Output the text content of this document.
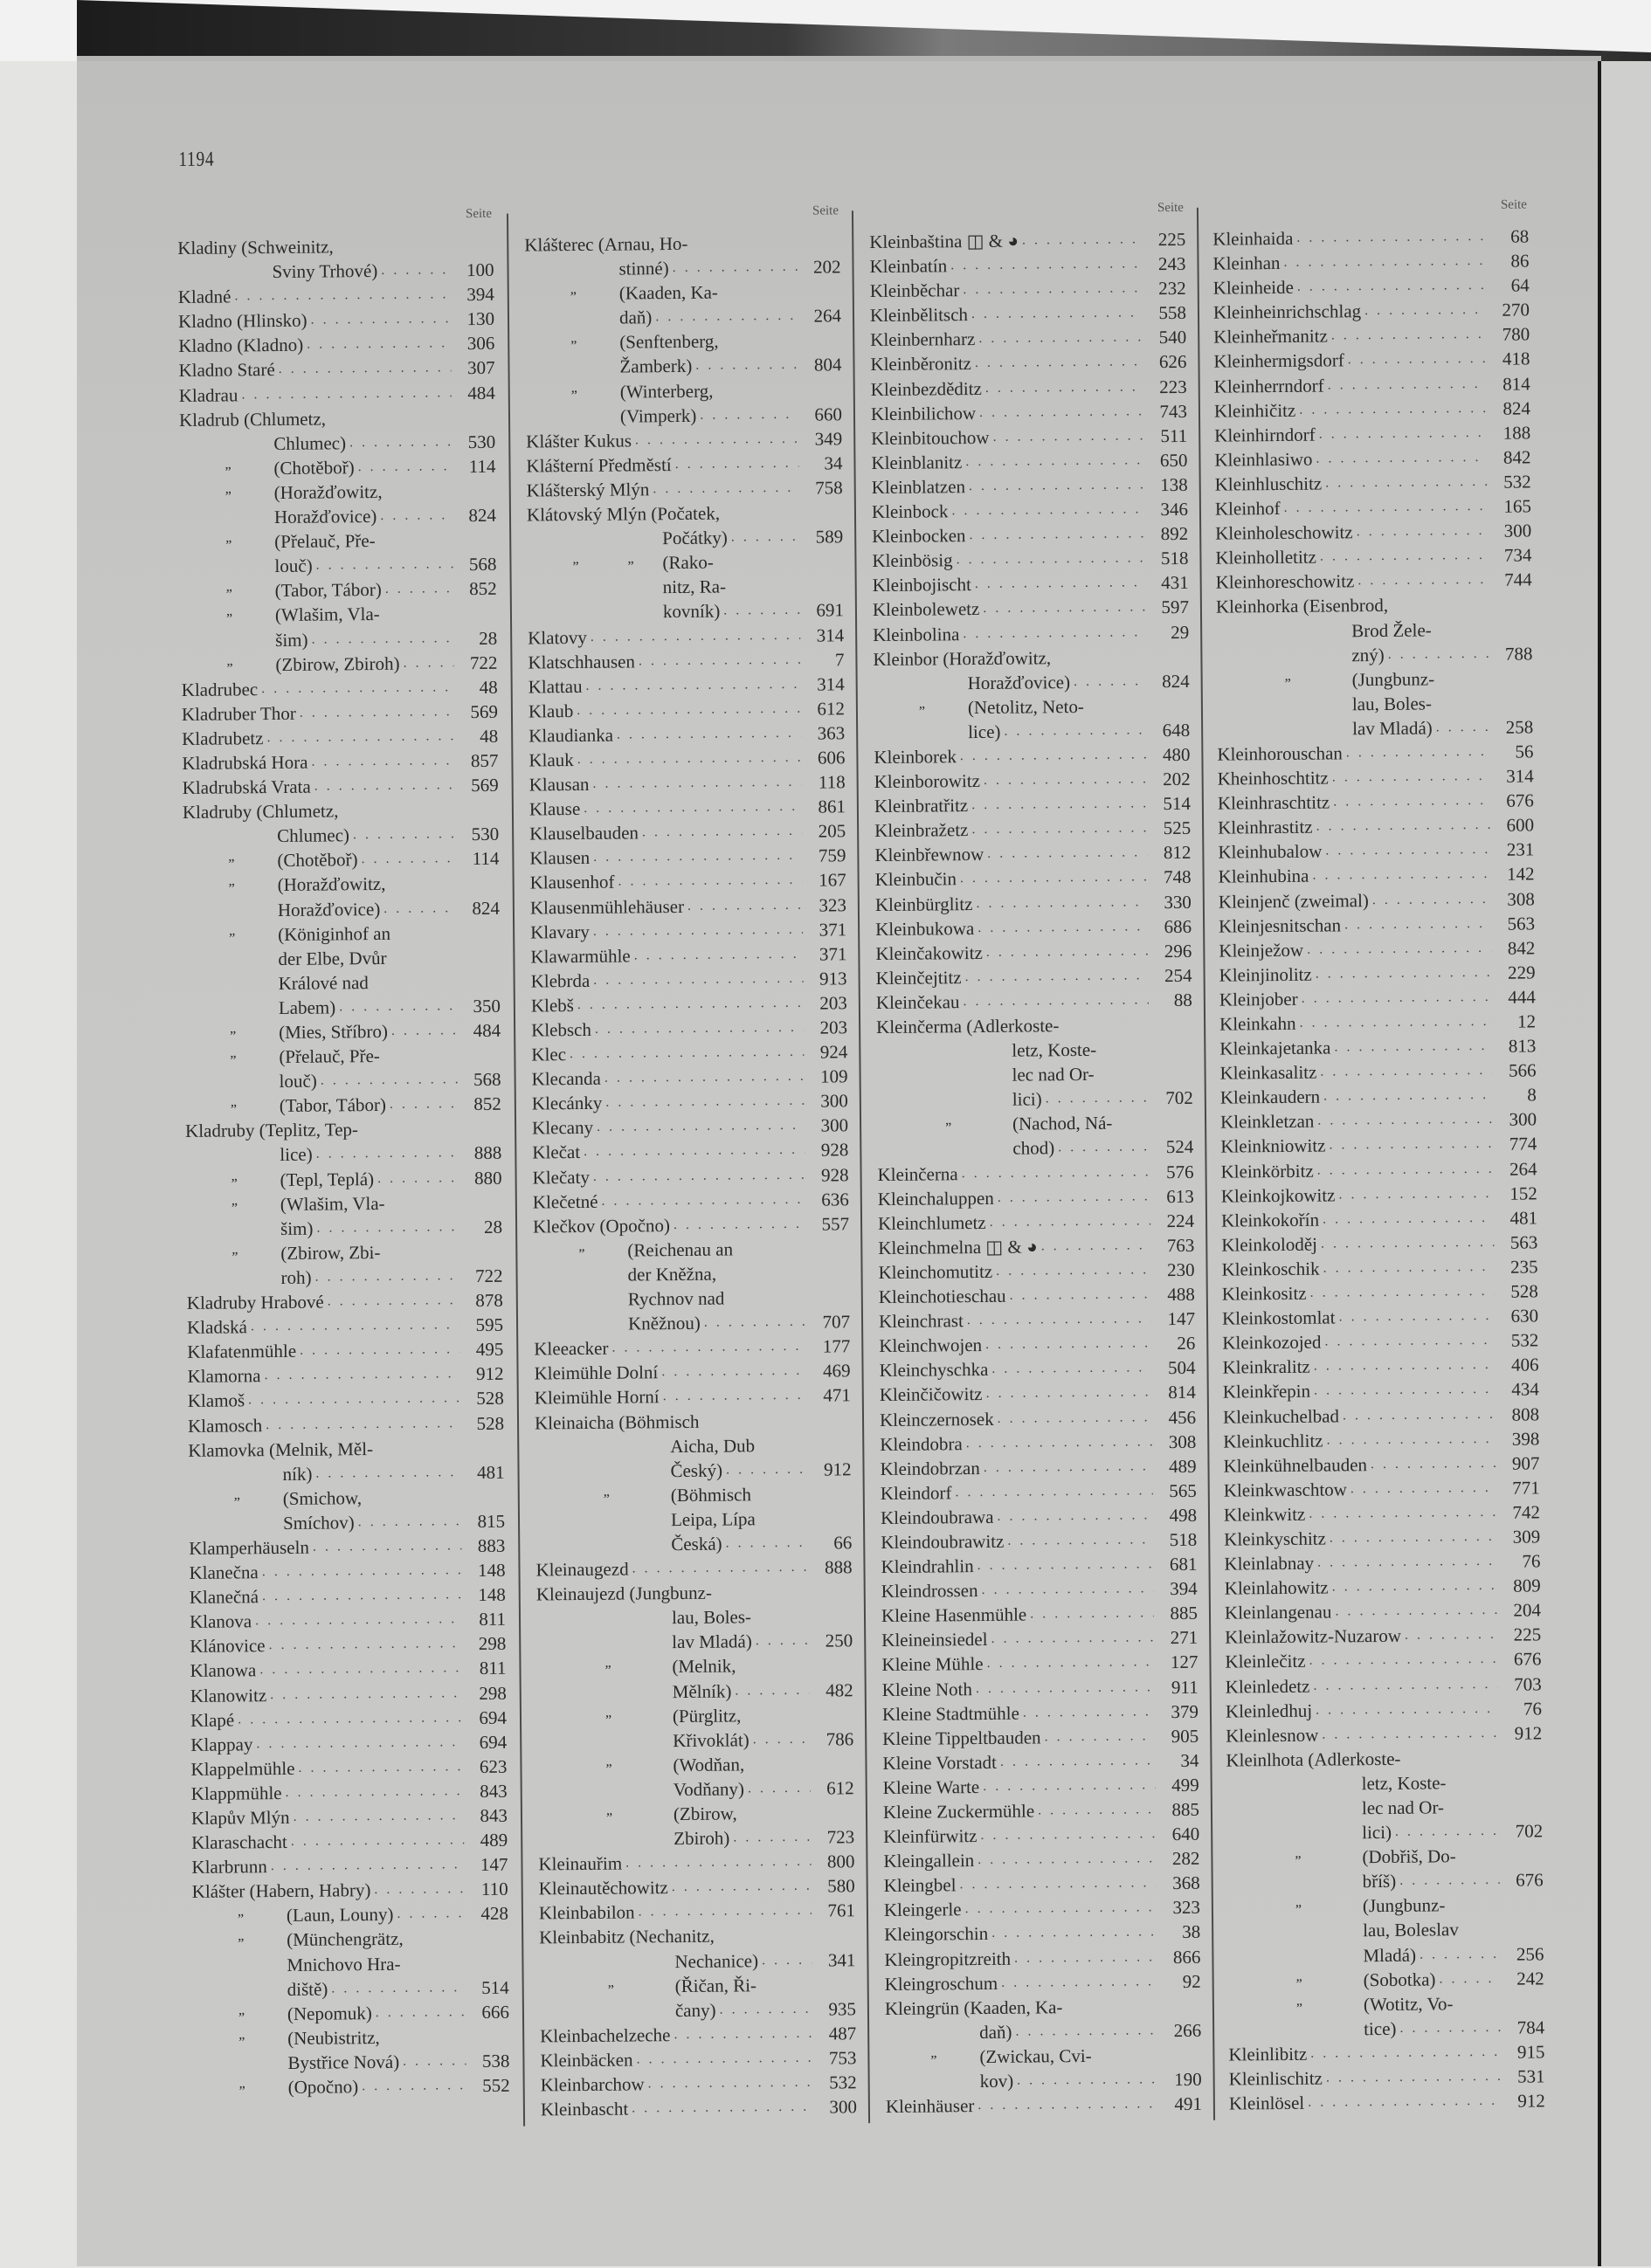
1194
Seite
Kladiny (Schweinitz,
Sviny Trhové) . . .	100
Kladné . . .	394
Kladno (Hlinsko) . . .	130
Kladno (Kladno) . . .	306
Kladno Staré . . .	307
Kladrau . . .	484
Kladrub (Chlumetz,
Chlumec) . . .	530
„ (Chotěboř) . . .	114
„ (Horažďowitz,
Horažďovice) . . .	824
„ (Přelauč, Pře-
louč) . . .	568
„ (Tabor, Tábor) . . .	852
„ (Wlašim, Vla-
šim) . . .	28
„ (Zbirow, Zbiroh) . . .	722
Kladrubec . . .	48
Kladruber Thor . . .	569
Kladrubetz . . .	48
Kladrubská Hora . . .	857
Kladrubská Vrata . . .	569
Kladruby (Chlumetz,
Chlumec) . . .	530
„ (Chotěboř) . . .	114
„ (Horažďowitz,
Horažďovice) . . .	824
„ (Königinhof an
der Elbe, Dvůr
Králové nad
Labem) . . .	350
„ (Mies, Stříbro) . . .	484
„ (Přelauč, Pře-
louč) . . .	568
„ (Tabor, Tábor) . . .	852
Kladruby (Teplitz, Tep-
lice) . . .	888
„ (Tepl, Teplá) . . .	880
„ (Wlašim, Vla-
šim) . . .	28
„ (Zbirow, Zbi-
roh) . . .	722
Kladruby Hrabové . . .	878
Kladská . . .	595
Klafatenmühle . . .	495
Klamorna . . .	912
Klamoš . . .	528
Klamosch . . .	528
Klamovka (Melnik, Měl-
ník) . . .	481
„ (Smichow,
Smíchov) . . .	815
Klamperhäuseln . . .	883
Klanečna . . .	148
Klanečná . . .	148
Klanova . . .	811
Klánovice . . .	298
Klanowa . . .	811
Klanowitz . . .	298
Klapé . . .	694
Klappay . . .	694
Klappelmühle . . .	623
Klappmühle . . .	843
Klapův Mlýn . . .	843
Klaraschacht . . .	489
Klarbrunn . . .	147
Klášter (Habern, Habry) . . .	110
„ (Laun, Louny) . . .	428
„ (Münchengrätz,
Mnichovo Hra-
diště) . . .	514
„ (Nepomuk) . . .	666
„ (Neubistritz,
Bystřice Nová) . . .	538
„ (Opočno) . . .	552
Seite
Klášterec (Arnau, Ho-
stinné) . . .	202
„ (Kaaden, Ka-
daň) . . .	264
„ (Senftenberg,
Žamberk) . . .	804
„ (Winterberg,
(Vimperk) . . .	660
Klášter Kukus . . .	349
Klášterní Předměstí . . .	34
Klášterský Mlýn . . .	758
Klátovský Mlýn (Počatek,
Počátky) . . .	589
„	„ (Rako-
nitz, Ra-
kovník) . . .	691
Klatovy . . .	314
Klatschhausen . . .	7
Klattau . . .	314
Klaub . . .	612
Klaudianka . . .	363
Klauk . . .	606
Klausan . . .	118
Klause . . .	861
Klauselbauden . . .	205
Klausen . . .	759
Klausenhof . . .	167
Klausenmühlehäuser . . .	323
Klavary . . .	371
Klawarmühle . . .	371
Klebrda . . .	913
Klebš . . .	203
Klebsch . . .	203
Klec . . .	924
Klecanda . . .	109
Klecánky . . .	300
Klecany . . .	300
Klečat . . .	928
Klečaty . . .	928
Klečetné . . .	636
Klečkov (Opočno) . . .	557
„ (Reichenau an
der Kněžna,
Rychnov nad
Kněžnou) . . .	707
Kleeacker . . .	177
Kleimühle Dolní . . .	469
Kleimühle Horní . . .	471
Kleinaicha (Böhmisch
Aicha, Dub
Český) . . .	912
„	(Böhmisch
Leipa, Lípa
Česká) . . .	66
Kleinaugezd . . .	888
Kleinaujezd (Jungbunz-
lau, Boles-
lav Mladá) . . .	250
„	(Melnik,
Mělník) . . .	482
„	(Pürglitz,
Křivoklát) . . .	786
„	(Wodňan,
Vodňany) . . .	612
„	(Zbirow,
Zbiroh) . . .	723
Kleinauřim . . .	800
Kleinautěchowitz . . .	580
Kleinbabilon . . .	761
Kleinbabitz (Nechanitz,
Nechanice) . . .	341
„	(Řičan, Ři-
čany) . . .	935
Kleinbachelzeche . . .	487
Kleinbäcken . . .	753
Kleinbarchow . . .	532
Kleinbascht . . .	300
Seite
Kleinbaština ◫ & ◕ . . .	225
Kleinbatín . . .	243
Kleinběchar . . .	232
Kleinbělitsch . . .	558
Kleinbernharz . . .	540
Kleinběronitz . . .	626
Kleinbezděditz . . .	223
Kleinbilichow . . .	743
Kleinbitouchow . . .	511
Kleinblanitz . . .	650
Kleinblatzen . . .	138
Kleinbock . . .	346
Kleinbocken . . .	892
Kleinbösig . . .	518
Kleinbojischt . . .	431
Kleinbolewetz . . .	597
Kleinbolina . . .	29
Kleinbor (Horažďowitz,
Horažďovice) . . .	824
„ (Netolitz, Neto-
lice) . . .	648
Kleinborek . . .	480
Kleinborowitz . . .	202
Kleinbratřitz . . .	514
Kleinbražetz . . .	525
Kleinbřewnow . . .	812
Kleinbučin . . .	748
Kleinbürglitz . . .	330
Kleinbukowa . . .	686
Kleinčakowitz . . .	296
Kleinčejtitz . . .	254
Kleinčekau . . .	88
Kleinčerma (Adlerkoste-
letz, Koste-
lec nad Or-
lici) . . .	702
„	(Nachod, Ná-
chod) . . .	524
Kleinčerna . . .	576
Kleinchaluppen . . .	613
Kleinchlumetz . . .	224
Kleinchmelna ◫ & ◕ . . .	763
Kleinchomutitz . . .	230
Kleinchotieschau . . .	488
Kleinchrast . . .	147
Kleinchwojen . . .	26
Kleinchyschka . . .	504
Kleinčičowitz . . .	814
Kleinczernosek . . .	456
Kleindobra . . .	308
Kleindobrzan . . .	489
Kleindorf . . .	565
Kleindoubrawa . . .	498
Kleindoubrawitz . . .	518
Kleindrahlin . . .	681
Kleindrossen . . .	394
Kleine Hasenmühle . . .	885
Kleineinsiedel . . .	271
Kleine Mühle . . .	127
Kleine Noth . . .	911
Kleine Stadtmühle . . .	379
Kleine Tippeltbauden . . .	905
Kleine Vorstadt . . .	34
Kleine Warte . . .	499
Kleine Zuckermühle . . .	885
Kleinfürwitz . . .	640
Kleingallein . . .	282
Kleingbel . . .	368
Kleingerle . . .	323
Kleingorschin . . .	38
Kleingropitzreith . . .	866
Kleingroschum . . .	92
Kleingrün (Kaaden, Ka-
daň) . . .	266
„ (Zwickau, Cvi-
kov) . . .	190
Kleinhäuser . . .	491
Seite
Kleinhaida . . .	68
Kleinhan . . .	86
Kleinheide . . .	64
Kleinheinrichschlag . . .	270
Kleinheřmanitz . . .	780
Kleinhermigsdorf . . .	418
Kleinherrndorf . . .	814
Kleinhičitz . . .	824
Kleinhirndorf . . .	188
Kleinhlasiwo . . .	842
Kleinhluschitz . . .	532
Kleinhof . . .	165
Kleinholeschowitz . . .	300
Kleinholletitz . . .	734
Kleinhoreschowitz . . .	744
Kleinhorka (Eisenbrod,
Brod Žele-
zný) . . .	788
„	(Jungbunz-
lau, Boles-
lav Mladá) . . .	258
Kleinhorouschan . . .	56
Kheinhoschtitz . . .	314
Kleinhraschtitz . . .	676
Kleinhrastitz . . .	600
Kleinhubalow . . .	231
Kleinhubina . . .	142
Kleinjenč (zweimal) . . .	308
Kleinjesnitschan . . .	563
Kleinježow . . .	842
Kleinjinolitz . . .	229
Kleinjober . . .	444
Kleinkahn . . .	12
Kleinkajetanka . . .	813
Kleinkasalitz . . .	566
Kleinkaudern . . .	8
Kleinkletzan . . .	300
Kleinkniowitz . . .	774
Kleinkörbitz . . .	264
Kleinkojkowitz . . .	152
Kleinkokořín . . .	481
Kleinkoloděj . . .	563
Kleinkoschik . . .	235
Kleinkositz . . .	528
Kleinkostomlat . . .	630
Kleinkozojed . . .	532
Kleinkralitz . . .	406
Kleinkřepin . . .	434
Kleinkuchelbad . . .	808
Kleinkuchlitz . . .	398
Kleinkühnelbauden . . .	907
Kleinkwaschtow . . .	771
Kleinkwitz . . .	742
Kleinkyschitz . . .	309
Kleinlabnay . . .	76
Kleinlahowitz . . .	809
Kleinlangenau . . .	204
Kleinlažowitz-Nuzarow . . .	225
Kleinlečitz . . .	676
Kleinledetz . . .	703
Kleinledhuj . . .	76
Kleinlesnow . . .	912
Kleinlhota (Adlerkoste-
letz, Koste-
lec nad Or-
lici) . . .	702
„	(Dobřiš, Do-
bříš) . . .	676
„	(Jungbunz-
lau, Boleslav
Mladá) . . .	256
„	(Sobotka) . . .	242
„	(Wotitz, Vo-
tice) . . .	784
Kleinlibitz . . .	915
Kleinlischitz . . .	531
Kleinlösel . . .	912
